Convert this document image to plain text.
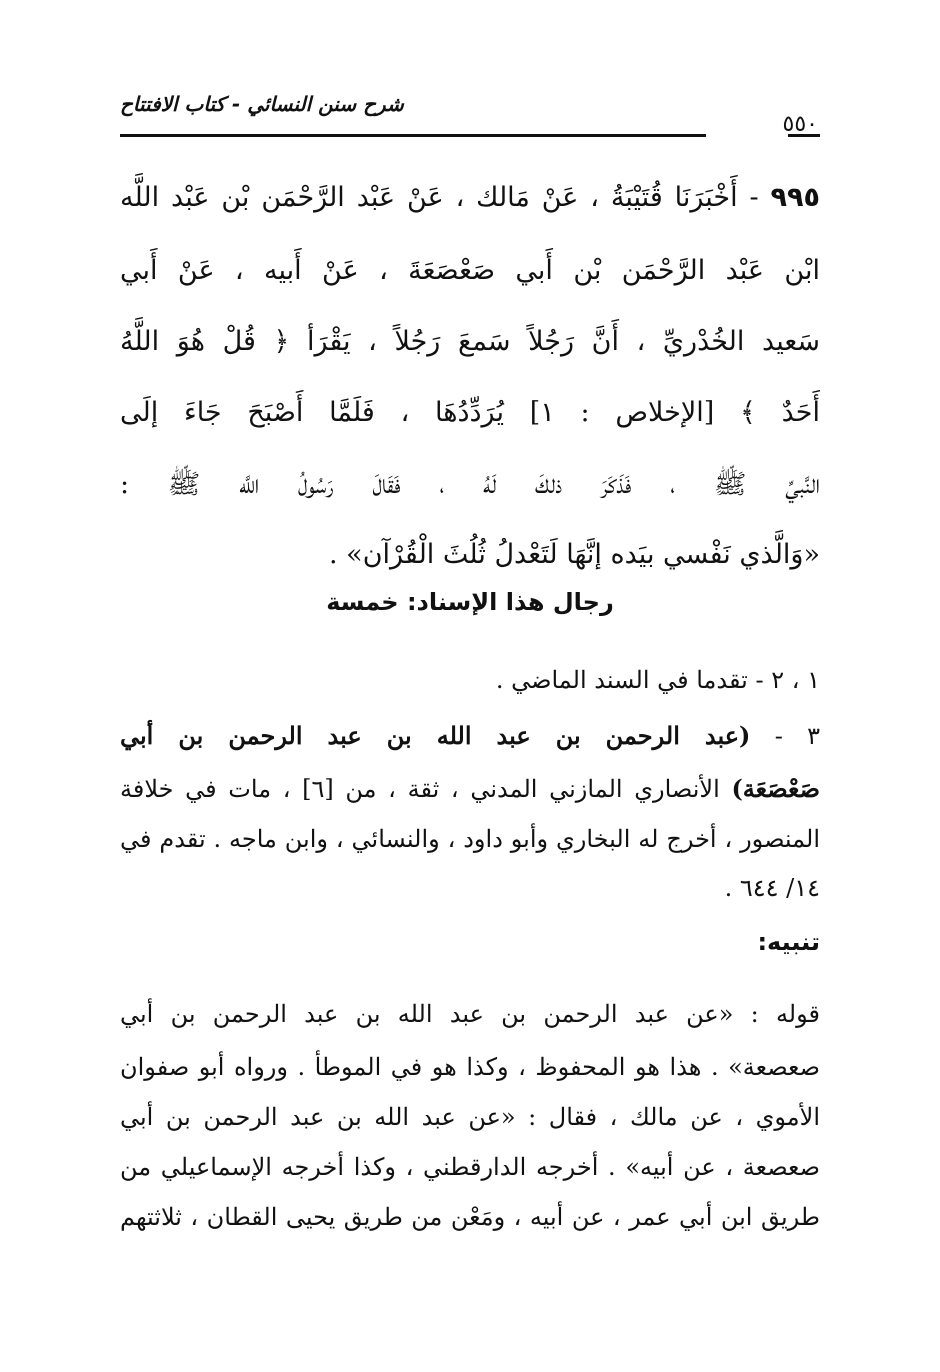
شرح سنن النسائي - كتاب الافتتاح
٥٥٠
٩٩٥ - أَخْبَرَنَا قُتَيْبَةُ ، عَنْ مَالك ، عَنْ عَبْد الرَّحْمَن بْن عَبْد اللَّه
ابْن عَبْد الرَّحْمَن بْن أَبي صَعْصَعَةَ ، عَنْ أَبيه ، عَنْ أَبي
سَعيد الخُدْريِّ ، أَنَّ رَجُلاً سَمعَ رَجُلاً ، يَقْرَأ ﴿ قُلْ هُوَ اللَّهُ
أَحَدٌ ﴾ [الإخلاص : ١] يُرَدِّدُهَا ، فَلَمَّا أَصْبَحَ جَاءَ إلَى
النَّبيِّ ﷺ ، فَذَكَرَ ذلكَ لَهُ ، فَقَالَ رَسُولُ اللَّه ﷺ :
«وَالَّذي نَفْسي بيَده إنَّهَا لَتَعْدلُ ثُلُثَ الْقُرْآن» .
رجال هذا الإسناد: خمسة
١ ، ٢ - تقدما في السند الماضي .
٣ - (عبد الرحمن بن عبد الله بن عبد الرحمن بن أبي
صَعْصَعَة) الأنصاري المازني المدني ، ثقة ، من [٦] ، مات في خلافة
المنصور ، أخرج له البخاري وأبو داود ، والنسائي ، وابن ماجه . تقدم في
١٤/ ٦٤٤ .
تنبيه:
قوله : «عن عبد الرحمن بن عبد الله بن عبد الرحمن بن أبي
صعصعة» . هذا هو المحفوظ ، وكذا هو في الموطأ . ورواه أبو صفوان
الأموي ، عن مالك ، فقال : «عن عبد الله بن عبد الرحمن بن أبي
صعصعة ، عن أبيه» . أخرجه الدارقطني ، وكذا أخرجه الإسماعيلي من
طريق ابن أبي عمر ، عن أبيه ، ومَعْن من طريق يحيى القطان ، ثلاثتهم
